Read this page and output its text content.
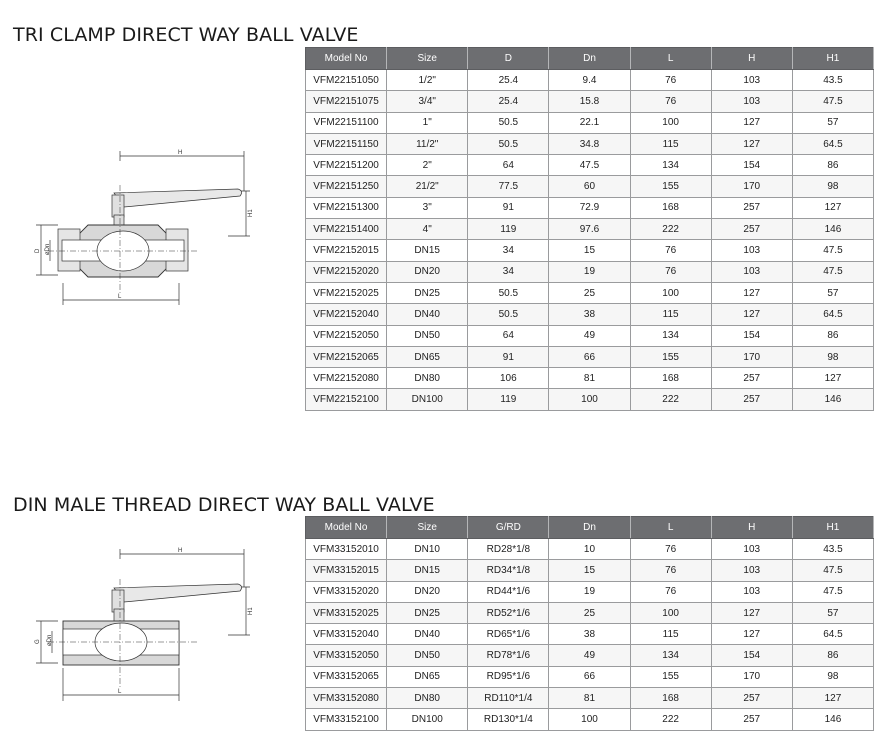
TRI CLAMP DIRECT WAY BALL VALVE
H
H1
L
D øDn
Model No	Size	D	Dn	L	H	H1
VFM22151050	1/2"	25.4	9.4	76	103	43.5
VFM22151075	3/4"	25.4	15.8	76	103	47.5
VFM22151100	1"	50.5	22.1	100	127	57
VFM22151150	11/2"	50.5	34.8	115	127	64.5
VFM22151200	2"	64	47.5	134	154	86
VFM22151250	21/2"	77.5	60	155	170	98
VFM22151300	3"	91	72.9	168	257	127
VFM22151400	4"	119	97.6	222	257	146
VFM22152015	DN15	34	15	76	103	47.5
VFM22152020	DN20	34	19	76	103	47.5
VFM22152025	DN25	50.5	25	100	127	57
VFM22152040	DN40	50.5	38	115	127	64.5
VFM22152050	DN50	64	49	134	154	86
VFM22152065	DN65	91	66	155	170	98
VFM22152080	DN80	106	81	168	257	127
VFM22152100	DN100	119	100	222	257	146
DIN MALE THREAD DIRECT WAY BALL VALVE
H
H1
L
G øDn
Model No	Size	G/RD	Dn	L	H	H1
VFM33152010	DN10	RD28*1/8	10	76	103	43.5
VFM33152015	DN15	RD34*1/8	15	76	103	47.5
VFM33152020	DN20	RD44*1/6	19	76	103	47.5
VFM33152025	DN25	RD52*1/6	25	100	127	57
VFM33152040	DN40	RD65*1/6	38	115	127	64.5
VFM33152050	DN50	RD78*1/6	49	134	154	86
VFM33152065	DN65	RD95*1/6	66	155	170	98
VFM33152080	DN80	RD110*1/4	81	168	257	127
VFM33152100	DN100	RD130*1/4	100	222	257	146
